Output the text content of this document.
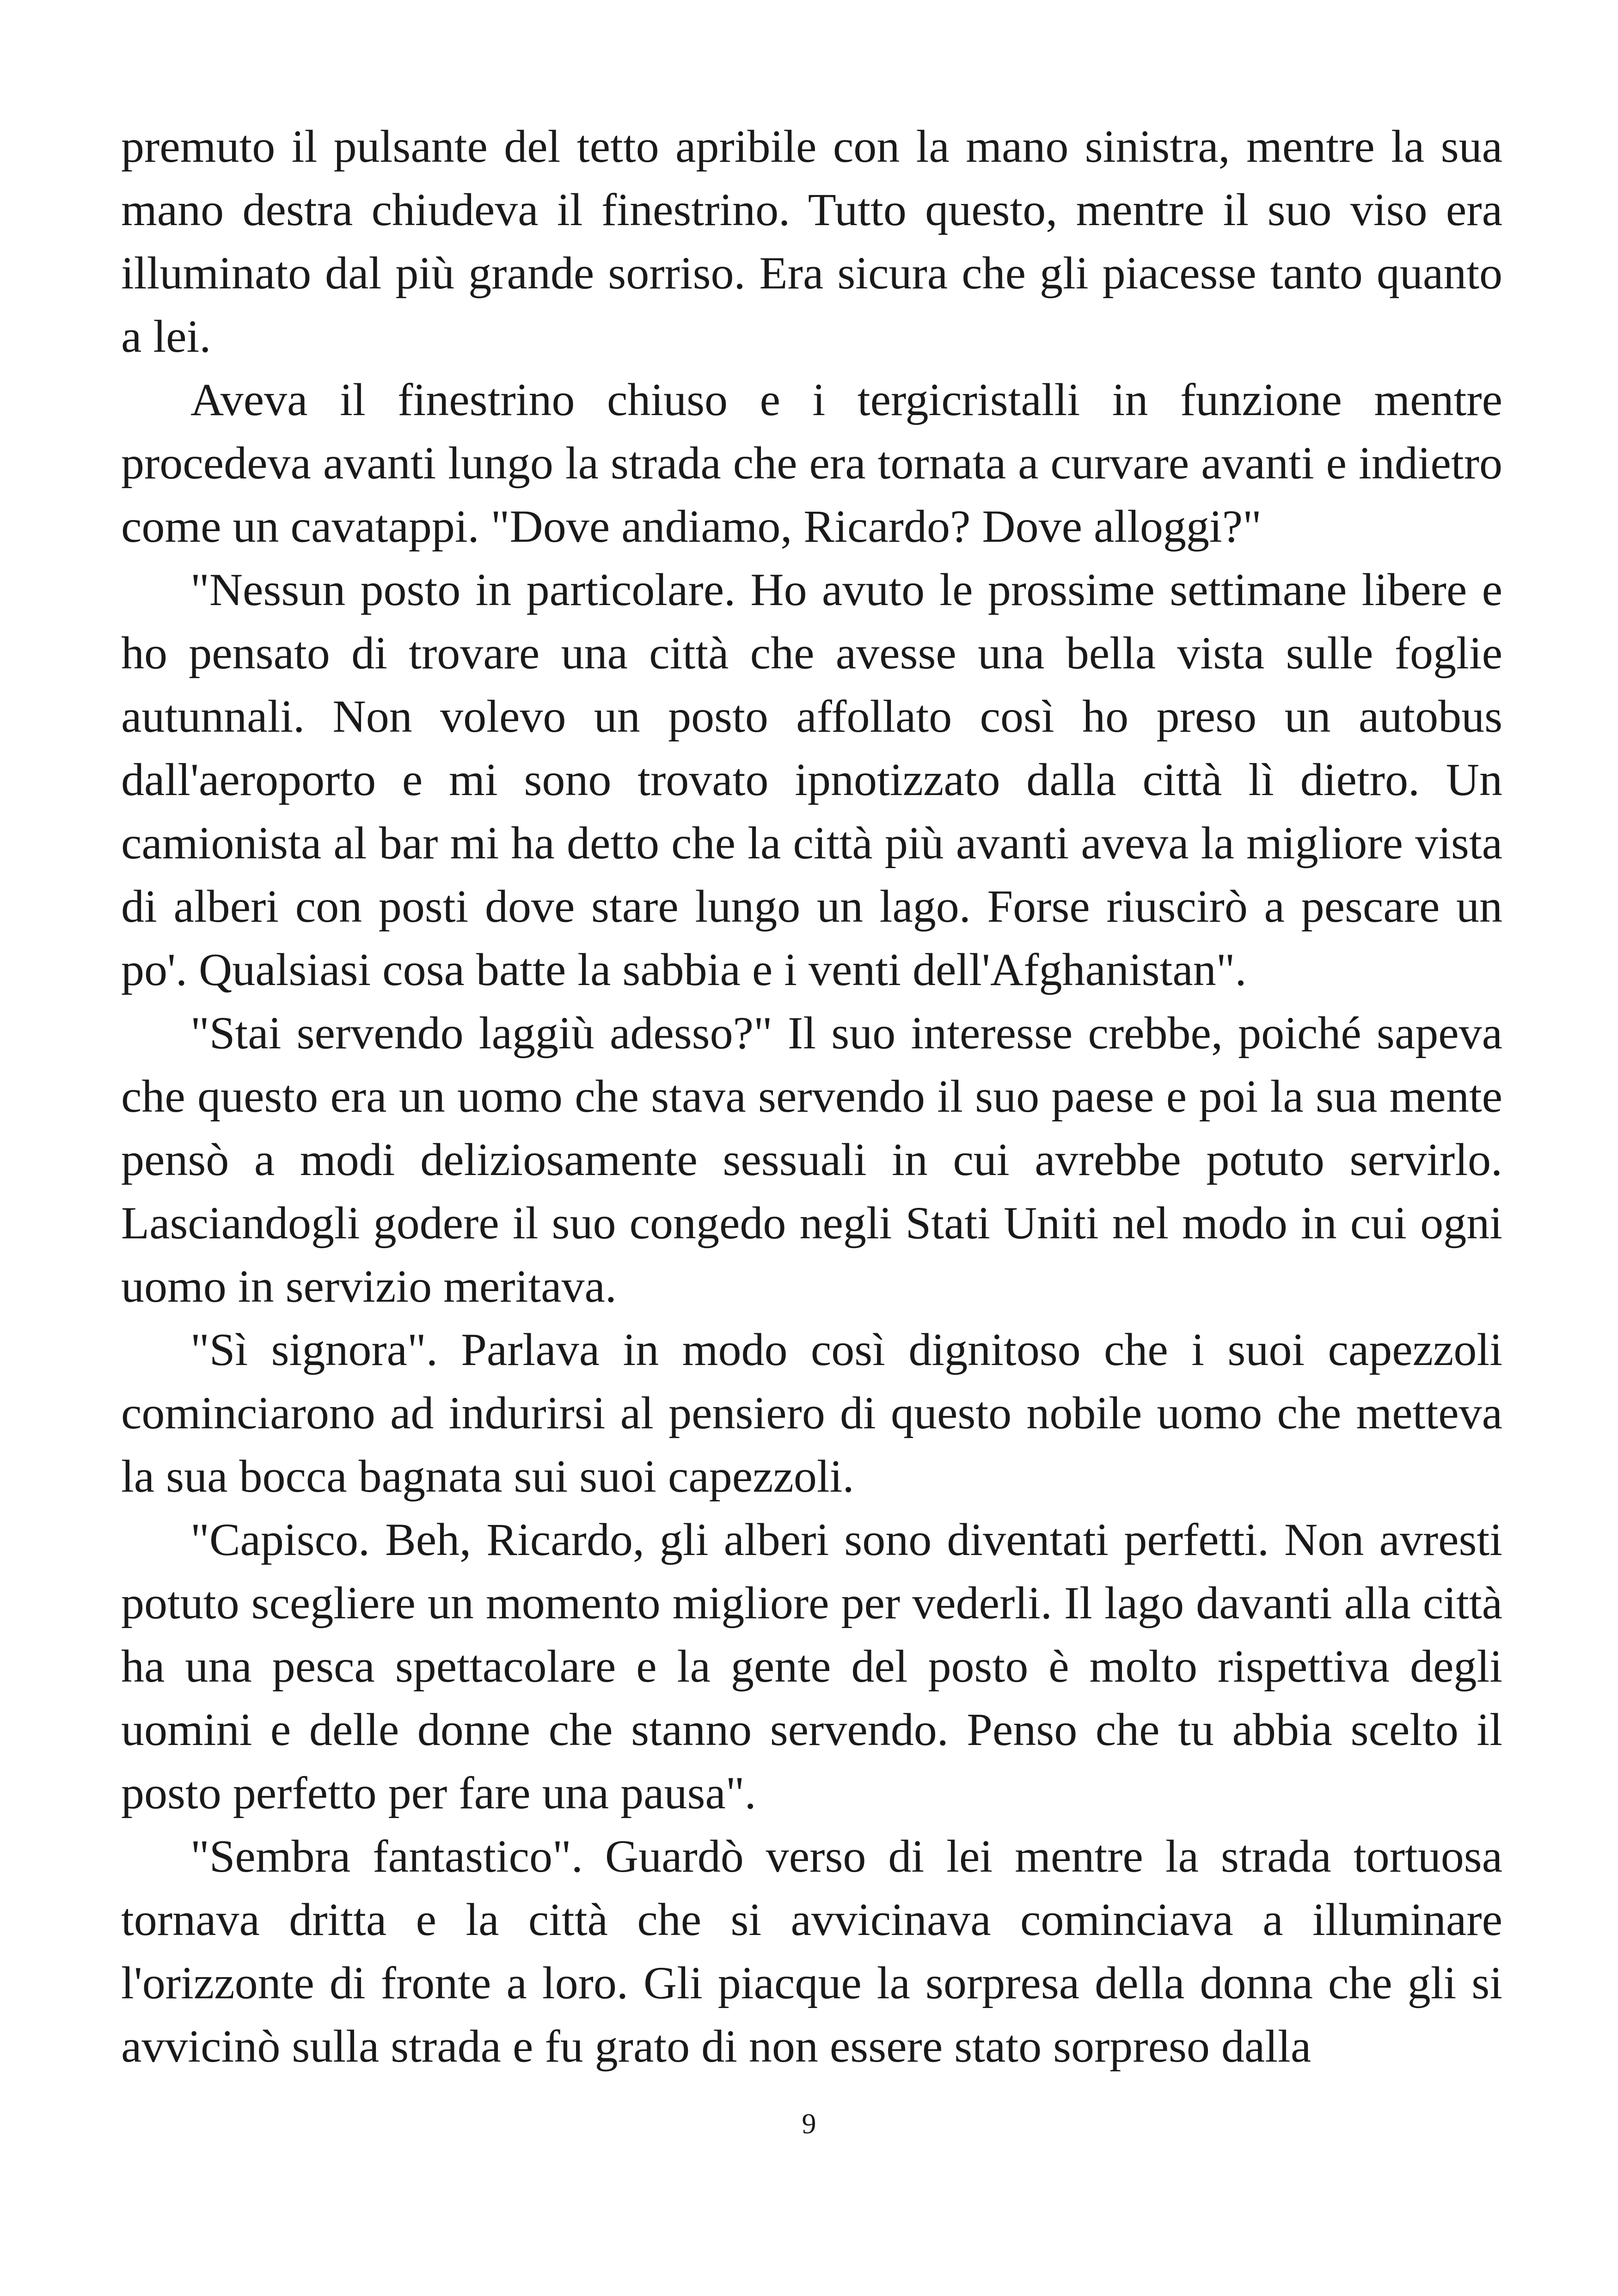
premuto il pulsante del tetto apribile con la mano sinistra, mentre la sua mano destra chiudeva il finestrino. Tutto questo, mentre il suo viso era illuminato dal più grande sorriso. Era sicura che gli piacesse tanto quanto a lei.

Aveva il finestrino chiuso e i tergicristalli in funzione mentre procedeva avanti lungo la strada che era tornata a curvare avanti e indietro come un cavatappi. "Dove andiamo, Ricardo? Dove alloggi?"

"Nessun posto in particolare. Ho avuto le prossime settimane libere e ho pensato di trovare una città che avesse una bella vista sulle foglie autunnali. Non volevo un posto affollato così ho preso un autobus dall'aeroporto e mi sono trovato ipnotizzato dalla città lì dietro. Un camionista al bar mi ha detto che la città più avanti aveva la migliore vista di alberi con posti dove stare lungo un lago. Forse riuscirò a pescare un po'. Qualsiasi cosa batte la sabbia e i venti dell'Afghanistan".

"Stai servendo laggiù adesso?" Il suo interesse crebbe, poiché sapeva che questo era un uomo che stava servendo il suo paese e poi la sua mente pensò a modi deliziosamente sessuali in cui avrebbe potuto servirlo. Lasciandogli godere il suo congedo negli Stati Uniti nel modo in cui ogni uomo in servizio meritava.

"Sì signora". Parlava in modo così dignitoso che i suoi capezzoli cominciarono ad indurirsi al pensiero di questo nobile uomo che metteva la sua bocca bagnata sui suoi capezzoli.

"Capisco. Beh, Ricardo, gli alberi sono diventati perfetti. Non avresti potuto scegliere un momento migliore per vederli. Il lago davanti alla città ha una pesca spettacolare e la gente del posto è molto rispettiva degli uomini e delle donne che stanno servendo. Penso che tu abbia scelto il posto perfetto per fare una pausa".

"Sembra fantastico". Guardò verso di lei mentre la strada tortuosa tornava dritta e la città che si avvicinava cominciava a illuminare l'orizzonte di fronte a loro. Gli piacque la sorpresa della donna che gli si avvicinò sulla strada e fu grato di non essere stato sorpreso dalla

9
